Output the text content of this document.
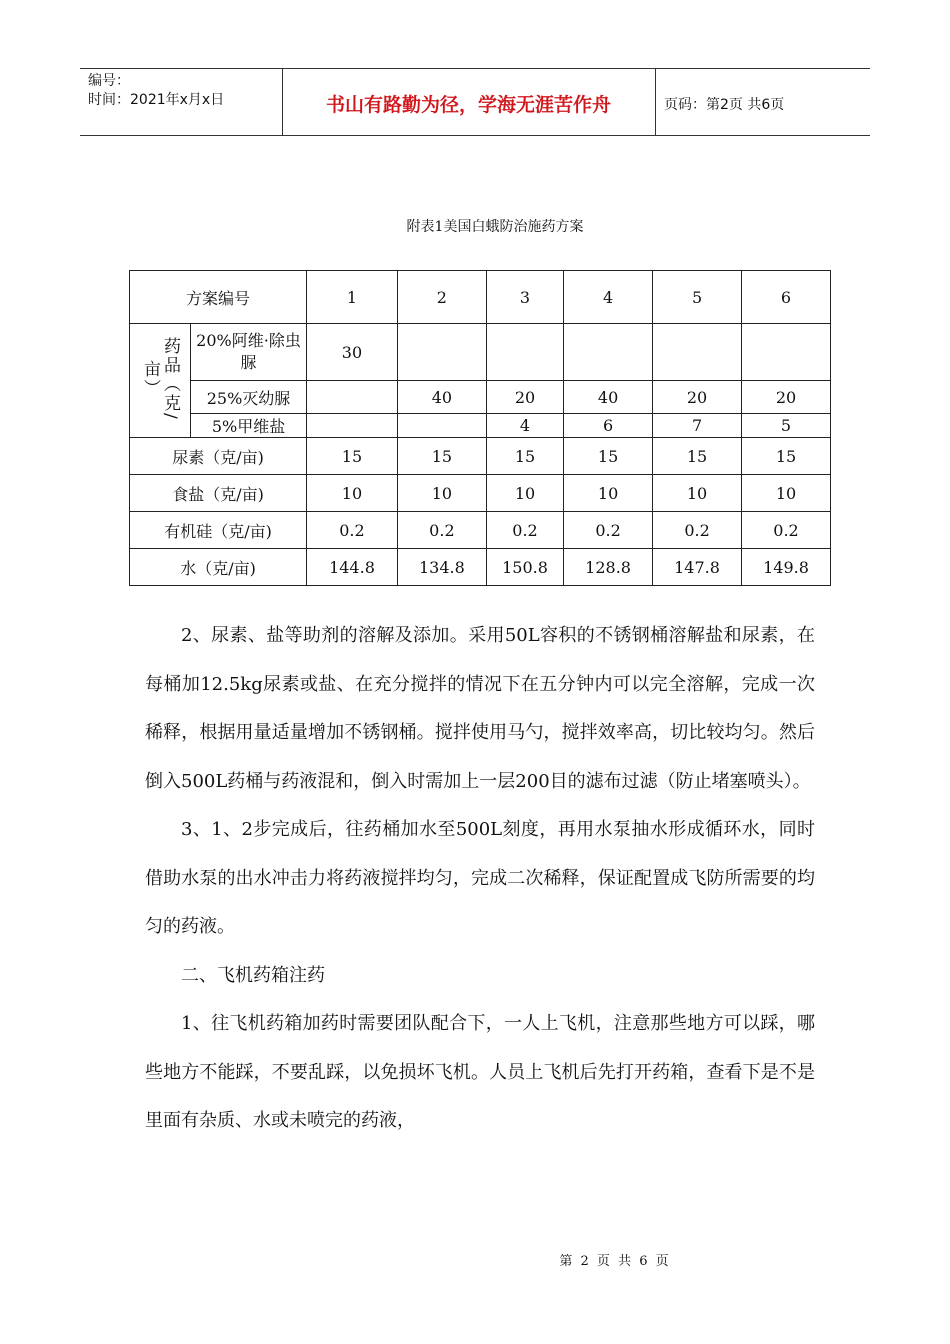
编号：
时间：2021年x月x日	书山有路勤为径，学海无涯苦作舟	页码：第2页 共6页
附表1美国白蛾防治施药方案
方案编号		1	2	3	4	5	6
药品（克/亩）	20%阿维·除虫脲	30					
	25%灭幼脲		40	20	40	20	20
	5%甲维盐			4	6	7	5
尿素（克/亩)		15	15	15	15	15	15
食盐（克/亩)		10	10	10	10	10	10
有机硅（克/亩)		0.2	0.2	0.2	0.2	0.2	0.2
水（克/亩)		144.8	134.8	150.8	128.8	147.8	149.8

2、尿素、盐等助剂的溶解及添加。采用50L容积的不锈钢桶溶解盐和尿素，在每桶加12.5kg尿素或盐、在充分搅拌的情况下在五分钟内可以完全溶解，完成一次稀释，根据用量适量增加不锈钢桶。搅拌使用马勺，搅拌效率高，切比较均匀。然后倒入500L药桶与药液混和，倒入时需加上一层200目的滤布过滤（防止堵塞喷头）。

3、1、2步完成后，往药桶加水至500L刻度，再用水泵抽水形成循环水，同时借助水泵的出水冲击力将药液搅拌均匀，完成二次稀释，保证配置成飞防所需要的均匀的药液。

二、飞机药箱注药

1、往飞机药箱加药时需要团队配合下，一人上飞机，注意那些地方可以踩，哪些地方不能踩，不要乱踩，以免损坏飞机。人员上飞机后先打开药箱，查看下是不是里面有杂质、水或未喷完的药液，

第 2 页 共 6 页
